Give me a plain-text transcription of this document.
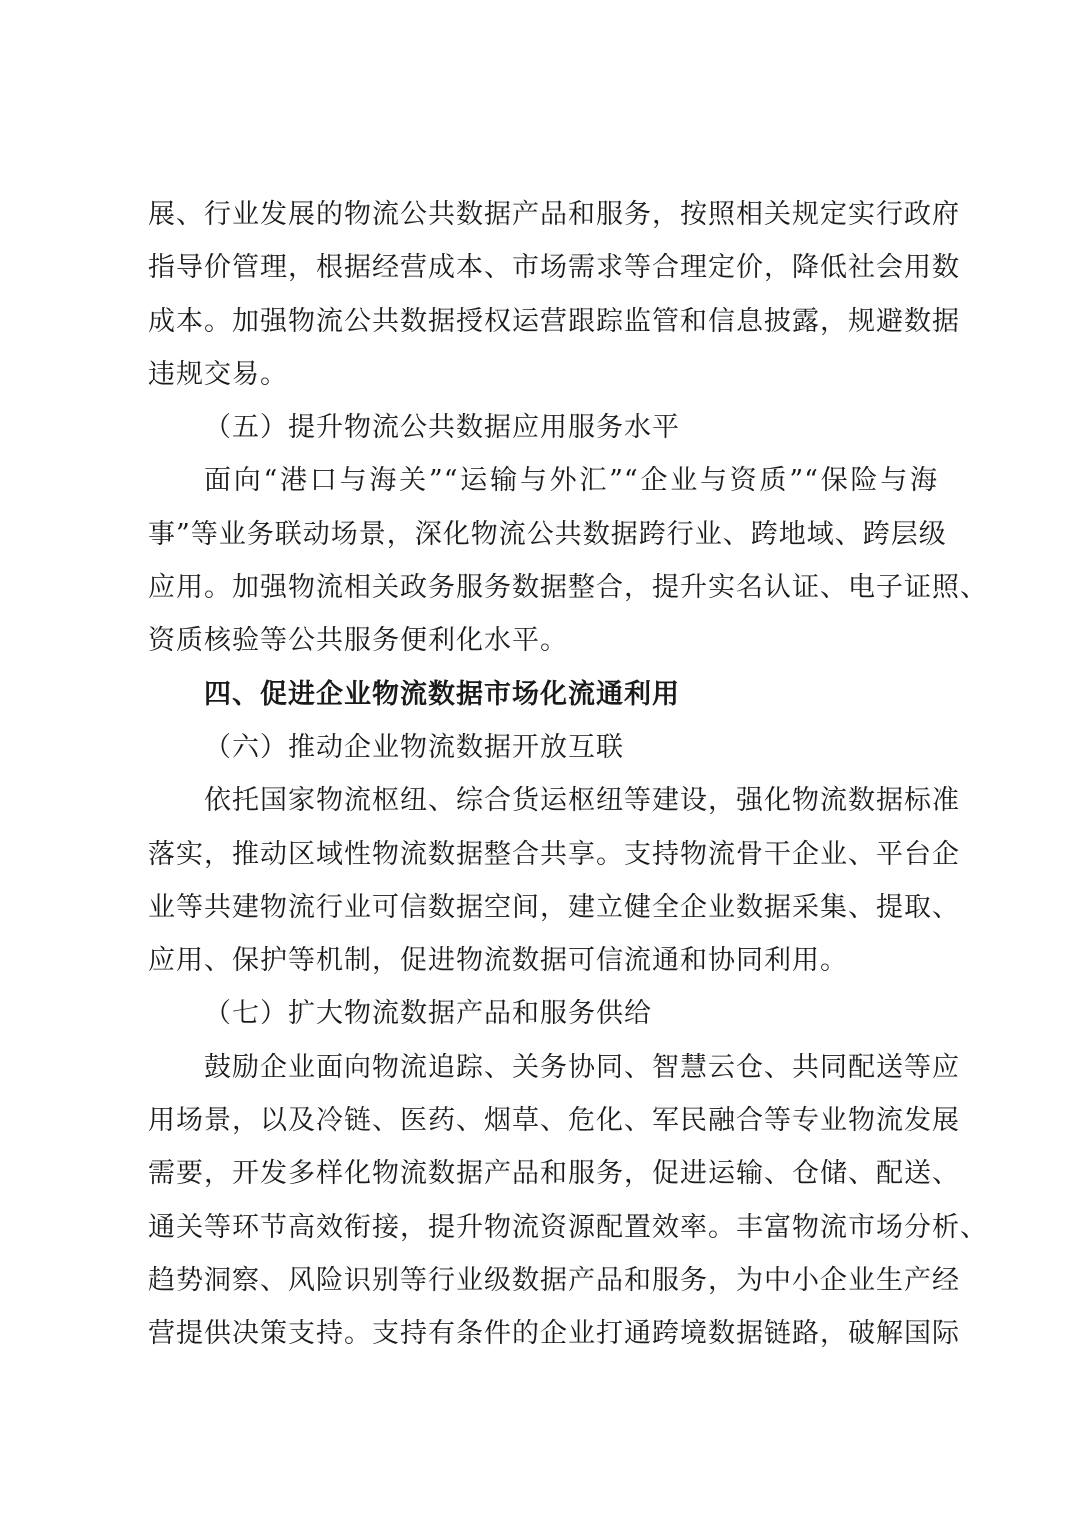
展、行业发展的物流公共数据产品和服务，按照相关规定实行政府
指导价管理，根据经营成本、市场需求等合理定价，降低社会用数
成本。加强物流公共数据授权运营跟踪监管和信息披露，规避数据
违规交易。
（五）提升物流公共数据应用服务水平
面向“港口与海关”“运输与外汇”“企业与资质”“保险与海
事”等业务联动场景，深化物流公共数据跨行业、跨地域、跨层级
应用。加强物流相关政务服务数据整合，提升实名认证、电子证照、
资质核验等公共服务便利化水平。
四、促进企业物流数据市场化流通利用
（六）推动企业物流数据开放互联
依托国家物流枢纽、综合货运枢纽等建设，强化物流数据标准
落实，推动区域性物流数据整合共享。支持物流骨干企业、平台企
业等共建物流行业可信数据空间，建立健全企业数据采集、提取、
应用、保护等机制，促进物流数据可信流通和协同利用。
（七）扩大物流数据产品和服务供给
鼓励企业面向物流追踪、关务协同、智慧云仓、共同配送等应
用场景，以及冷链、医药、烟草、危化、军民融合等专业物流发展
需要，开发多样化物流数据产品和服务，促进运输、仓储、配送、
通关等环节高效衔接，提升物流资源配置效率。丰富物流市场分析、
趋势洞察、风险识别等行业级数据产品和服务，为中小企业生产经
营提供决策支持。支持有条件的企业打通跨境数据链路，破解国际
